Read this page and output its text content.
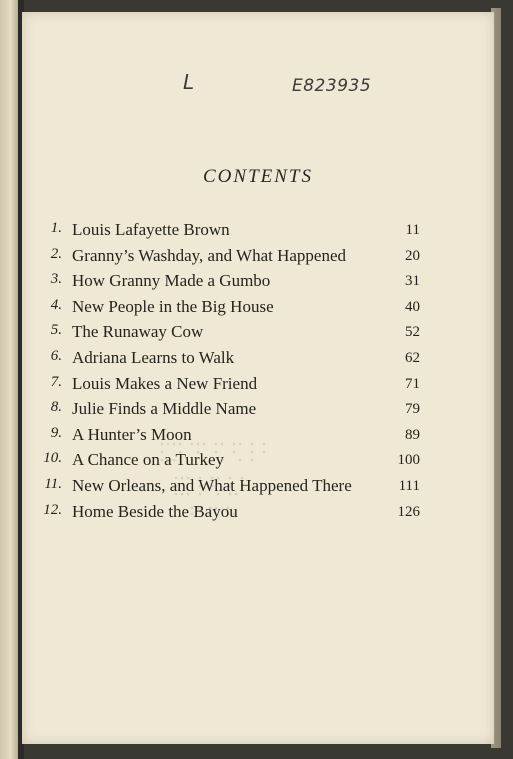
L	E823935
CONTENTS
1. Louis Lafayette Brown	11
2. Granny’s Washday, and What Happened	20
3. How Granny Made a Gumbo	31
4. New People in the Big House	40
5. The Runaway Cow	52
6. Adriana Learns to Walk	62
7. Louis Makes a New Friend	71
8. Julie Finds a Middle Name	79
9. A Hunter’s Moon	89
10. A Chance on a Turkey	100
11. New Orleans, and What Happened There	111
12. Home Beside the Bayou	126
